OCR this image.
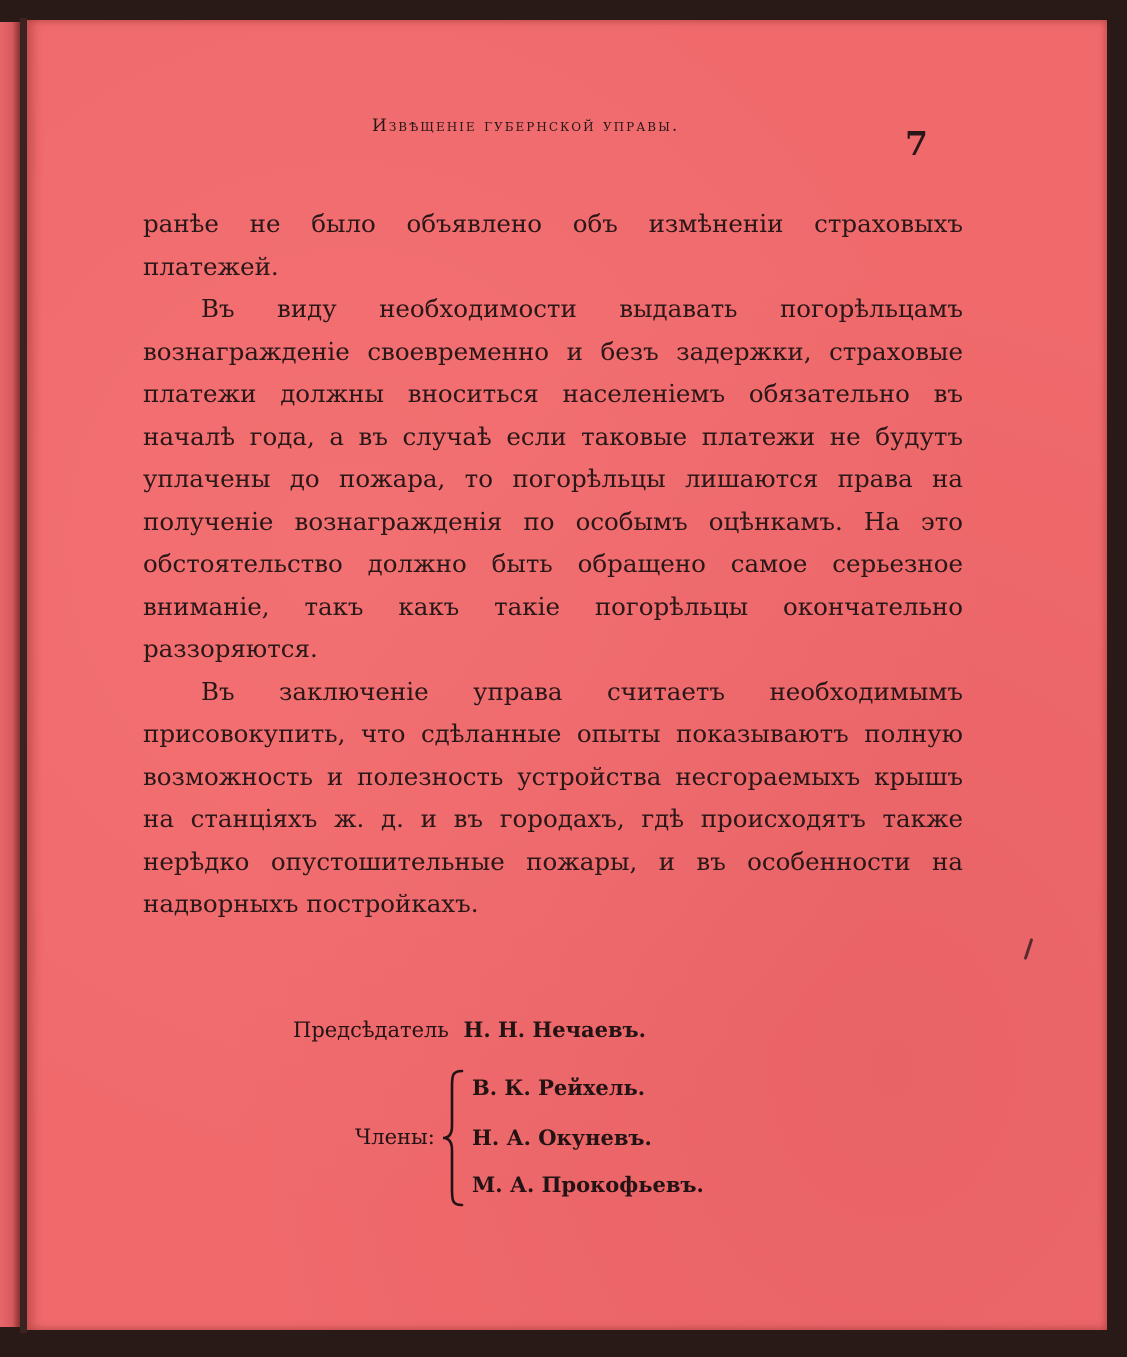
Извѣщеніе губернской управы.	7

ранѣе не было объявлено объ измѣненіи страховыхъ платежей.

Въ виду необходимости выдавать погорѣльцамъ вознагражденіе своевременно и безъ задержки, страховые платежи должны вноситься населеніемъ обязательно въ началѣ года, а въ случаѣ если таковые платежи не будутъ уплачены до пожара, то погорѣльцы лишаются права на полученіе вознагражденія по особымъ оцѣнкамъ. На это обстоятельство должно быть обращено самое серьезное вниманіе, такъ какъ такіе погорѣльцы окончательно раззоряются.

Въ заключеніе управа считаетъ необходимымъ присовокупить, что сдѣланные опыты показываютъ полную возможность и полезность устройства несгораемыхъ крышъ на станціяхъ ж. д. и въ городахъ, гдѣ происходятъ также нерѣдко опустошительные пожары, и въ особенности на надворныхъ постройкахъ.

Предсѣдатель Н. Н. Нечаевъ.
Члены:
В. К. Рейхель.
Н. А. Окуневъ.
М. А. Прокофьевъ.
